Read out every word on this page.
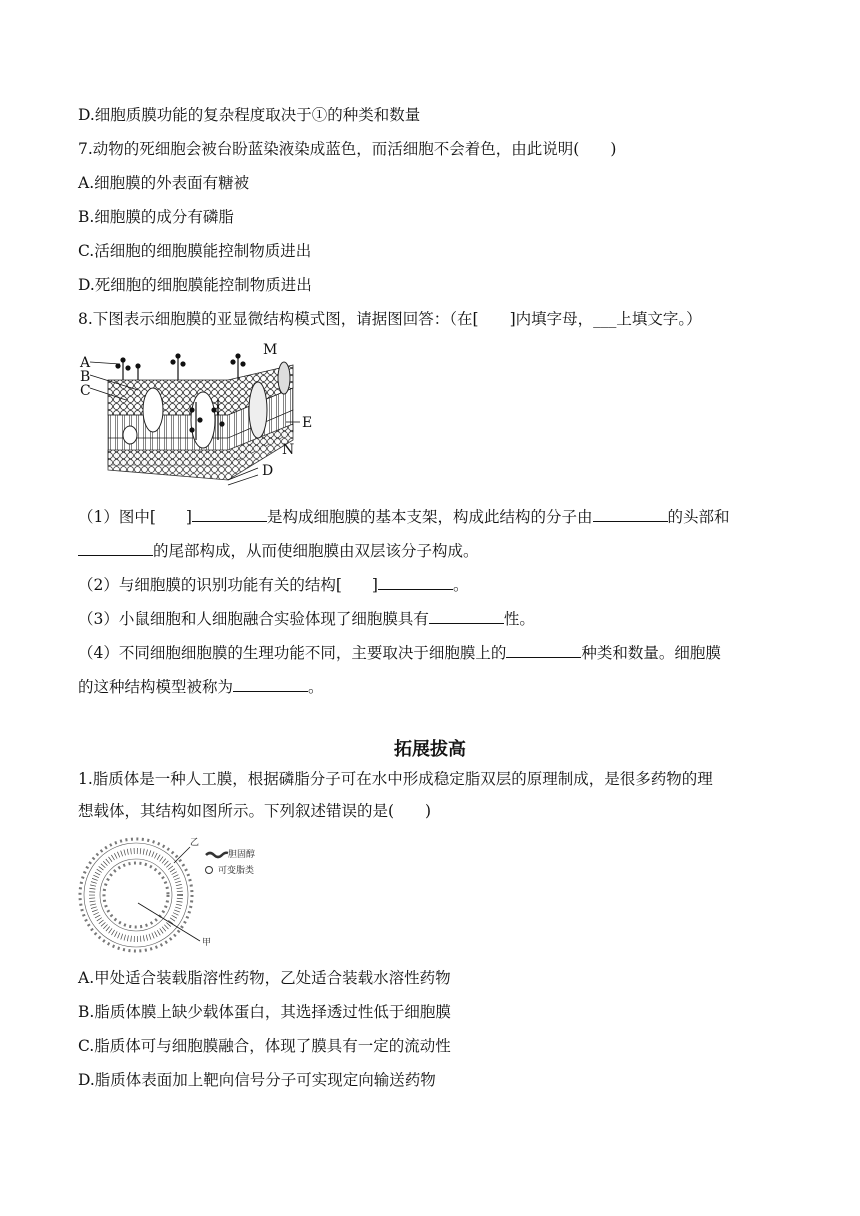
D.细胞质膜功能的复杂程度取决于①的种类和数量
7.动物的死细胞会被台盼蓝染液染成蓝色，而活细胞不会着色，由此说明(　　)
A.细胞膜的外表面有糖被
B.细胞膜的成分有磷脂
C.活细胞的细胞膜能控制物质进出
D.死细胞的细胞膜能控制物质进出
8.下图表示细胞膜的亚显微结构模式图，请据图回答：（在[　　]内填字母，___上填文字。）
A
B
C
D
E
M
N
（1）图中[ ]	是构成细胞膜的基本支架，构成此结构的分子由	的头部和
的尾部构成，从而使细胞膜由双层该分子构成。
（2）与细胞膜的识别功能有关的结构[ ]	。
（3）小鼠细胞和人细胞融合实验体现了细胞膜具有	性。
（4）不同细胞细胞膜的生理功能不同，主要取决于细胞膜上的	种类和数量。细胞膜
的这种结构模型被称为	。
拓展拔高
1.脂质体是一种人工膜，根据磷脂分子可在水中形成稳定脂双层的原理制成，是很多药物的理
想载体，其结构如图所示。下列叙述错误的是(　　)
乙
甲
胆固醇
可变脂类
A.甲处适合装载脂溶性药物，乙处适合装载水溶性药物
B.脂质体膜上缺少载体蛋白，其选择透过性低于细胞膜
C.脂质体可与细胞膜融合，体现了膜具有一定的流动性
D.脂质体表面加上靶向信号分子可实现定向输送药物
